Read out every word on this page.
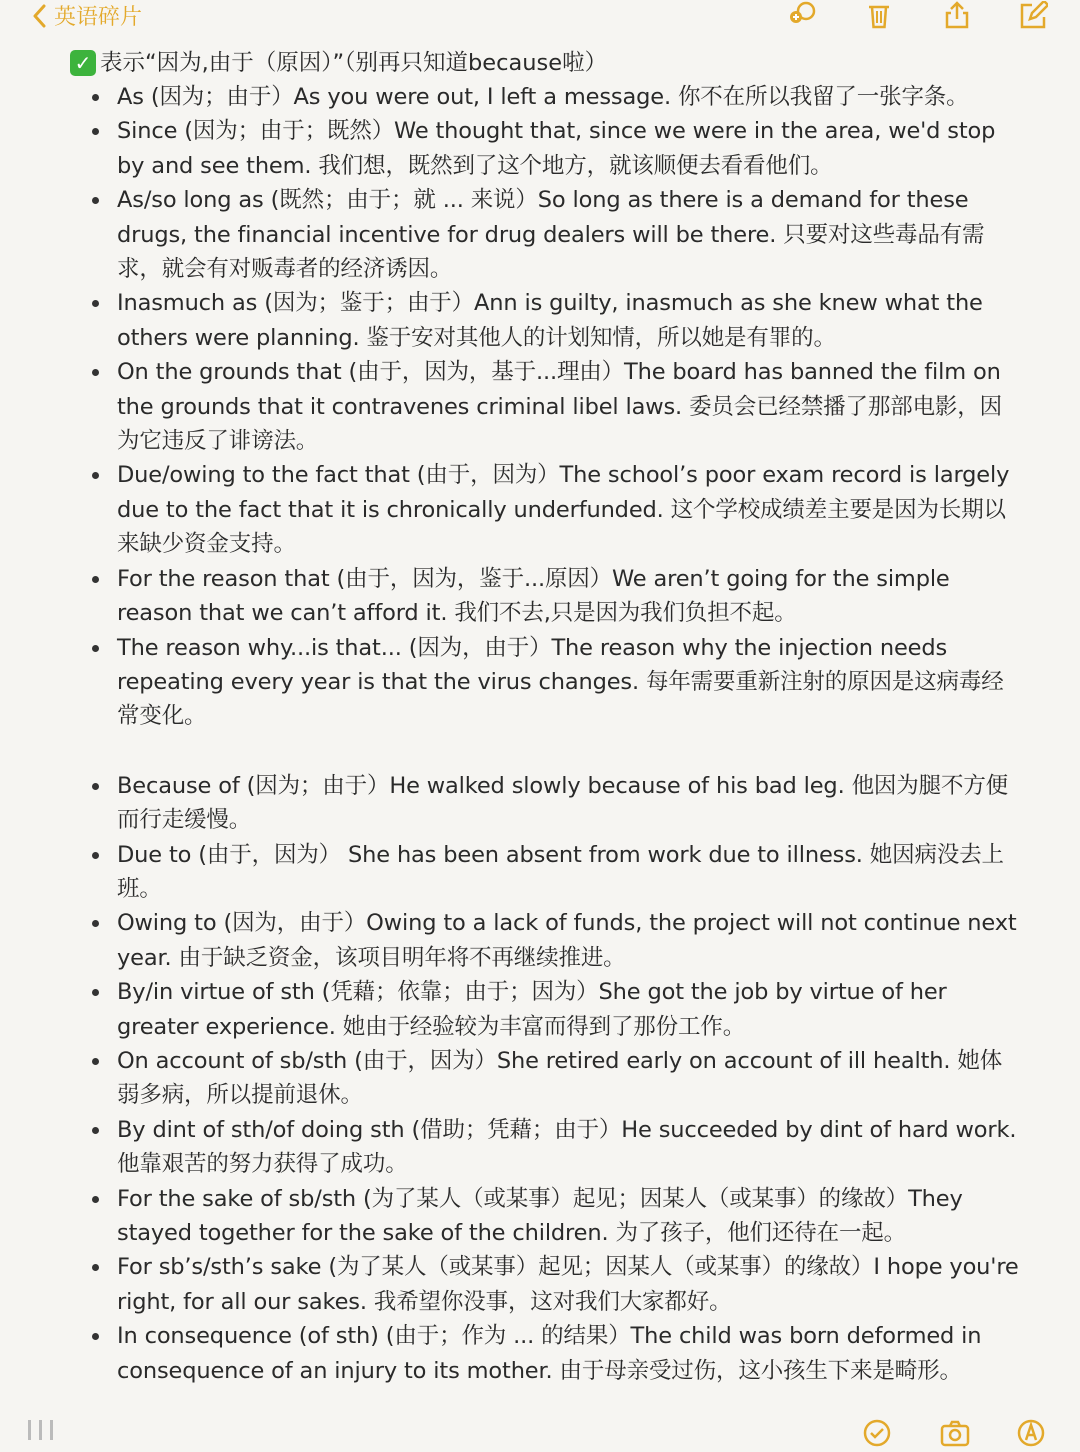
英语碎片
✓ 表示“因为,由于（原因）”（别再只知道because啦）
As (因为；由于）As you were out, I left a message. 你不在所以我留了一张字条。
Since (因为；由于；既然）We thought that, since we were in the area, we'd stop by and see them. 我们想，既然到了这个地方，就该顺便去看看他们。
As/so long as (既然；由于；就 ... 来说）So long as there is a demand for these drugs, the financial incentive for drug dealers will be there. 只要对这些毒品有需求，就会有对贩毒者的经济诱因。
Inasmuch as (因为；鉴于；由于）Ann is guilty, inasmuch as she knew what the others were planning. 鉴于安对其他人的计划知情，所以她是有罪的。
On the grounds that (由于，因为，基于...理由）The board has banned the film on the grounds that it contravenes criminal libel laws. 委员会已经禁播了那部电影，因为它违反了诽谤法。
Due/owing to the fact that (由于，因为）The school’s poor exam record is largely due to the fact that it is chronically underfunded. 这个学校成绩差主要是因为长期以来缺少资金支持。
For the reason that (由于，因为，鉴于...原因）We aren’t going for the simple reason that we can’t afford it. 我们不去,只是因为我们负担不起。
The reason why...is that... (因为，由于）The reason why the injection needs repeating every year is that the virus changes. 每年需要重新注射的原因是这病毒经常变化。
Because of (因为；由于）He walked slowly because of his bad leg. 他因为腿不方便而行走缓慢。
Due to (由于，因为） She has been absent from work due to illness. 她因病没去上班。
Owing to (因为，由于）Owing to a lack of funds, the project will not continue next year. 由于缺乏资金，该项目明年将不再继续推进。
By/in virtue of sth (凭藉；依靠；由于；因为）She got the job by virtue of her greater experience. 她由于经验较为丰富而得到了那份工作。
On account of sb/sth (由于，因为）She retired early on account of ill health. 她体弱多病，所以提前退休。
By dint of sth/of doing sth (借助；凭藉；由于）He succeeded by dint of hard work. 他靠艰苦的努力获得了成功。
For the sake of sb/sth (为了某人（或某事）起见；因某人（或某事）的缘故）They stayed together for the sake of the children. 为了孩子，他们还待在一起。
For sb’s/sth’s sake (为了某人（或某事）起见；因某人（或某事）的缘故）I hope you're right, for all our sakes. 我希望你没事，这对我们大家都好。
In consequence (of sth) (由于；作为 ... 的结果）The child was born deformed in consequence of an injury to its mother. 由于母亲受过伤，这小孩生下来是畸形。
